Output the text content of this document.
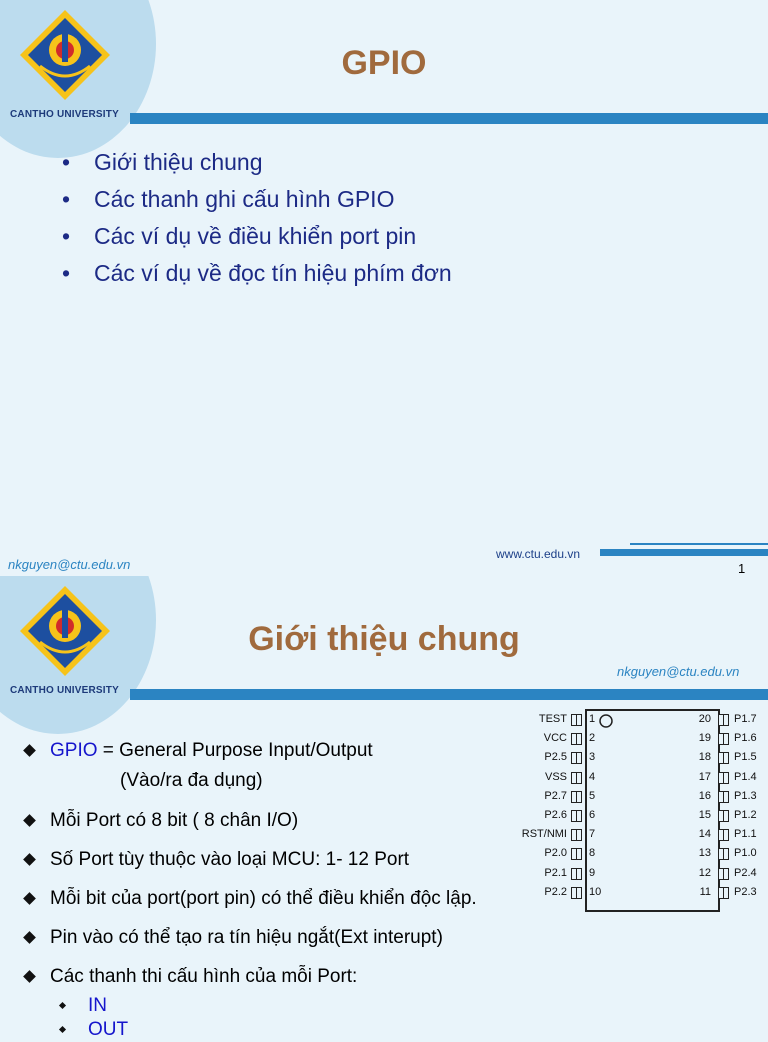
CANTHO UNIVERSITY
GPIO
• Giới thiệu chung
• Các thanh ghi cấu hình GPIO
• Các ví dụ về điều khiển port pin
• Các ví dụ về đọc tín hiệu phím đơn
www.ctu.edu.vn
nkguyen@ctu.edu.vn	1
CANTHO UNIVERSITY
Giới thiệu chung
nkguyen@ctu.edu.vn
GPIO = General Purpose Input/Output
(Vào/ra đa dụng)
Mỗi Port có 8 bit ( 8 chân I/O)
Số Port tùy thuộc vào loại MCU: 1- 12 Port
Mỗi bit của port(port pin) có thể điều khiển độc lập.
Pin vào có thể tạo ra tín hiệu ngắt(Ext interupt)
Các thanh thi cấu hình của mỗi Port:
IN
OUT
TEST 1
VCC 2
P2.5 3
VSS 4
P2.7 5
P2.6 6
RST/NMI 7
P2.0 8
P2.1 9
P2.2 10
P1.7
20
P1.6
19
P1.5
18
P1.4
17
P1.3
16
P1.2
15
P1.1
14
P1.0
13
P2.4
12
P2.3
11
